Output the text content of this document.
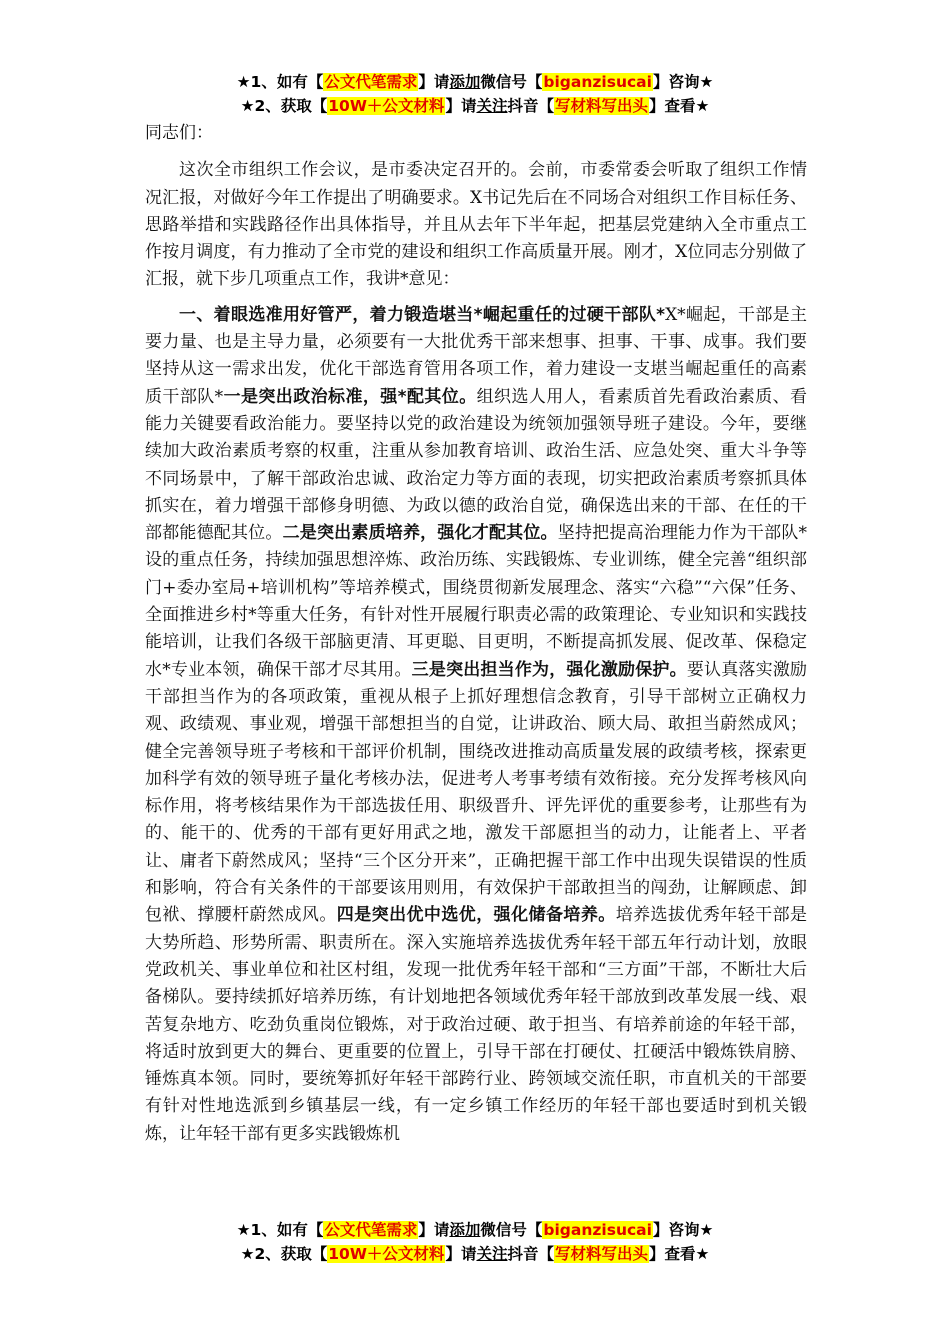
★1、如有【公文代笔需求】请添加微信号【biganzisucai】咨询★
★2、获取【10W＋公文材料】请关注抖音【写材料写出头】查看★

同志们：

这次全市组织工作会议，是市委决定召开的。会前，市委常委会听取了组织工作情况汇报，对做好今年工作提出了明确要求。X书记先后在不同场合对组织工作目标任务、思路举措和实践路径作出具体指导，并且从去年下半年起，把基层党建纳入全市重点工作按月调度，有力推动了全市党的建设和组织工作高质量开展。刚才，X位同志分别做了汇报，就下步几项重点工作，我讲*意见：

一、着眼选准用好管严，着力锻造堪当*崛起重任的过硬干部队*X*崛起，干部是主要力量、也是主导力量，必须要有一大批优秀干部来想事、担事、干事、成事。我们要坚持从这一需求出发，优化干部选育管用各项工作，着力建设一支堪当崛起重任的高素质干部队*一是突出政治标准，强*配其位。组织选人用人，看素质首先看政治素质、看能力关键要看政治能力。要坚持以党的政治建设为统领加强领导班子建设。今年，要继续加大政治素质考察的权重，注重从参加教育培训、政治生活、应急处突、重大斗争等不同场景中，了解干部政治忠诚、政治定力等方面的表现，切实把政治素质考察抓具体抓实在，着力增强干部修身明德、为政以德的政治自觉，确保选出来的干部、在任的干部都能德配其位。二是突出素质培养，强化才配其位。坚持把提高治理能力作为干部队*设的重点任务，持续加强思想淬炼、政治历练、实践锻炼、专业训练，健全完善“组织部门+委办室局+培训机构”等培养模式，围绕贯彻新发展理念、落实“六稳”“六保”任务、全面推进乡村*等重大任务，有针对性开展履行职责必需的政策理论、专业知识和实践技能培训，让我们各级干部脑更清、耳更聪、目更明，不断提高抓发展、促改革、保稳定水*专业本领，确保干部才尽其用。三是突出担当作为，强化激励保护。要认真落实激励干部担当作为的各项政策，重视从根子上抓好理想信念教育，引导干部树立正确权力观、政绩观、事业观，增强干部想担当的自觉，让讲政治、顾大局、敢担当蔚然成风；健全完善领导班子考核和干部评价机制，围绕改进推动高质量发展的政绩考核，探索更加科学有效的领导班子量化考核办法，促进考人考事考绩有效衔接。充分发挥考核风向标作用，将考核结果作为干部选拔任用、职级晋升、评先评优的重要参考，让那些有为的、能干的、优秀的干部有更好用武之地，激发干部愿担当的动力，让能者上、平者让、庸者下蔚然成风；坚持“三个区分开来”，正确把握干部工作中出现失误错误的性质和影响，符合有关条件的干部要该用则用，有效保护干部敢担当的闯劲，让解顾虑、卸包袱、撑腰杆蔚然成风。四是突出优中选优，强化储备培养。培养选拔优秀年轻干部是大势所趋、形势所需、职责所在。深入实施培养选拔优秀年轻干部五年行动计划，放眼党政机关、事业单位和社区村组，发现一批优秀年轻干部和“三方面”干部，不断壮大后备梯队。要持续抓好培养历练，有计划地把各领域优秀年轻干部放到改革发展一线、艰苦复杂地方、吃劲负重岗位锻炼，对于政治过硬、敢于担当、有培养前途的年轻干部，将适时放到更大的舞台、更重要的位置上，引导干部在打硬仗、扛硬活中锻炼铁肩膀、锤炼真本领。同时，要统筹抓好年轻干部跨行业、跨领域交流任职，市直机关的干部要有针对性地选派到乡镇基层一线，有一定乡镇工作经历的年轻干部也要适时到机关锻炼，让年轻干部有更多实践锻炼机

★1、如有【公文代笔需求】请添加微信号【biganzisucai】咨询★
★2、获取【10W＋公文材料】请关注抖音【写材料写出头】查看★
